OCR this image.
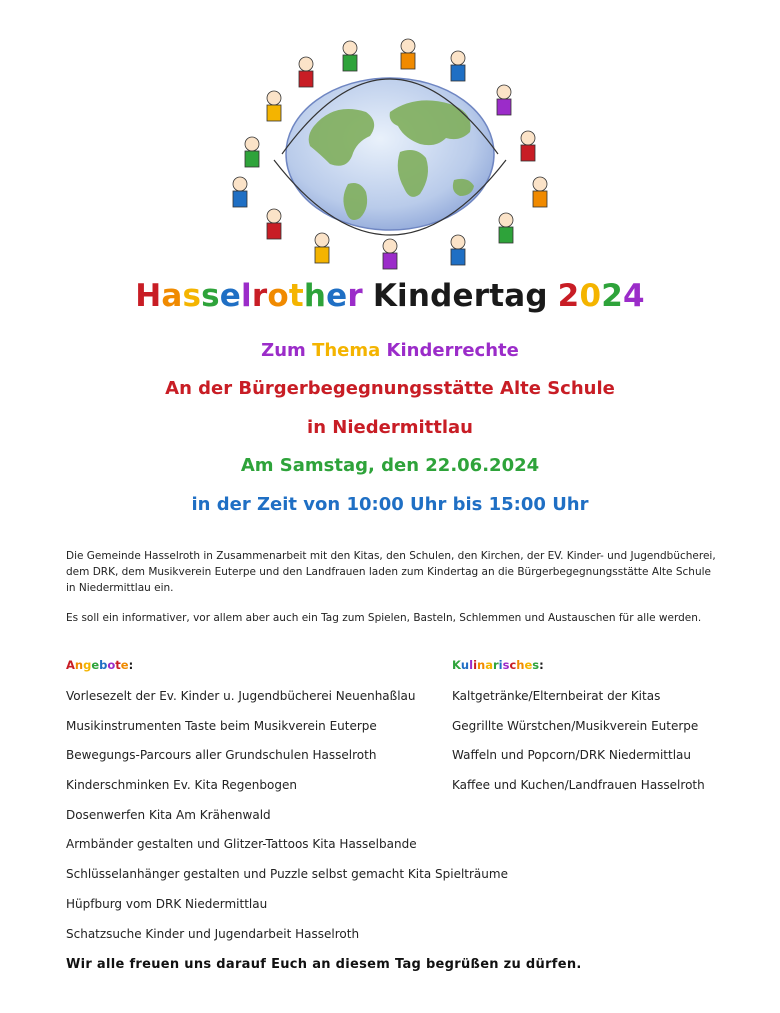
Hasselrother Kindertag 2024
Zum Thema Kinderrechte
An der Bürgerbegegnungsstätte Alte Schule
in Niedermittlau
Am Samstag, den 22.06.2024
in der Zeit von 10:00 Uhr bis 15:00 Uhr
Die Gemeinde Hasselroth in Zusammenarbeit mit den Kitas, den Schulen, den Kirchen, der EV. Kinder- und Jugendbücherei, dem DRK, dem Musikverein Euterpe und den Landfrauen laden zum Kindertag an die Bürgerbegegnungsstätte Alte Schule in Niedermittlau ein.
Es soll ein informativer, vor allem aber auch ein Tag zum Spielen, Basteln, Schlemmen und Austauschen für alle werden.
Angebote:	Kulinarisches:
Vorlesezelt der Ev. Kinder u. Jugendbücherei Neuenhaßlau
Musikinstrumenten Taste beim Musikverein Euterpe
Bewegungs-Parcours aller Grundschulen Hasselroth
Kinderschminken Ev. Kita Regenbogen
Dosenwerfen Kita Am Krähenwald
Armbänder gestalten und Glitzer-Tattoos Kita Hasselbande
Schlüsselanhänger gestalten und Puzzle selbst gemacht Kita Spielträume
Hüpfburg vom DRK Niedermittlau
Schatzsuche Kinder und Jugendarbeit Hasselroth
Kaltgetränke/Elternbeirat der Kitas
Gegrillte Würstchen/Musikverein Euterpe
Waffeln und Popcorn/DRK Niedermittlau
Kaffee und Kuchen/Landfrauen Hasselroth
Wir alle freuen uns darauf Euch an diesem Tag begrüßen zu dürfen.
